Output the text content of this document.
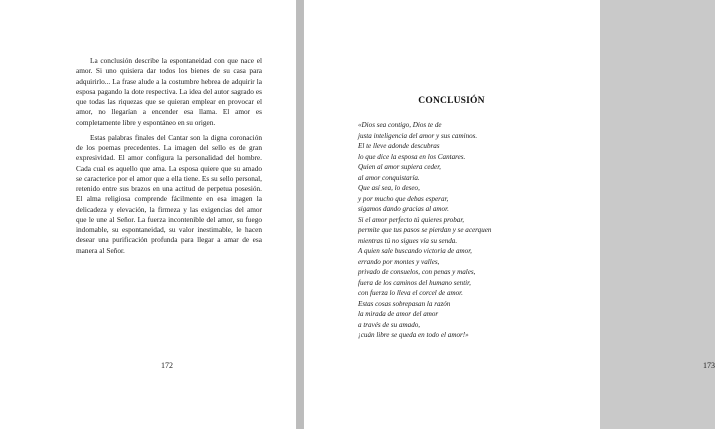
La conclusión describe la espontaneidad con que nace el amor. Si uno quisiera dar todos los bienes de su casa para adquirirlo... La frase alude a la costumbre hebrea de adquirir la esposa pagando la dote respectiva. La idea del autor sagrado es que todas las riquezas que se quieran emplear en provocar el amor, no llegarían a encender esa llama. El amor es completamente libre y espontáneo en su origen.

Estas palabras finales del Cantar son la digna coronación de los poemas precedentes. La imagen del sello es de gran expresividad. El amor configura la personalidad del hombre. Cada cual es aquello que ama. La esposa quiere que su amado se caracterice por el amor que a ella tiene. Es su sello personal, retenido entre sus brazos en una actitud de perpetua posesión. El alma religiosa comprende fácilmente en esa imagen la delicadeza y elevación, la firmeza y las exigencias del amor que le une al Señor. La fuerza incontenible del amor, su fuego indomable, su espontaneidad, su valor inestimable, le hacen desear una purificación profunda para llegar a amar de esa manera al Señor.

172
CONCLUSIÓN
«Dios sea contigo, Dios te de
justa inteligencia del amor y sus caminos.
El te lleve adonde descubras
lo que dice la esposa en los Cantares.
Quien al amor supiera ceder,
al amor conquistaría.
Que así sea, lo deseo,
y por mucho que debas esperar,
sigamos dando gracias al amor.
Si el amor perfecto tú quieres probar,
permite que tus pasos se pierdan y se acerquen
mientras tú no sigues vía su senda.
A quien sale buscando victoria de amor,
errando por montes y valles,
privado de consuelos, con penas y males,
fuera de los caminos del humano sentir,
con fuerza lo lleva el corcel de amor.
Estas cosas sobrepasan la razón
la mirada de amor del amor
a través de su amado,
¡cuán libre se queda en todo el amor!»
173
